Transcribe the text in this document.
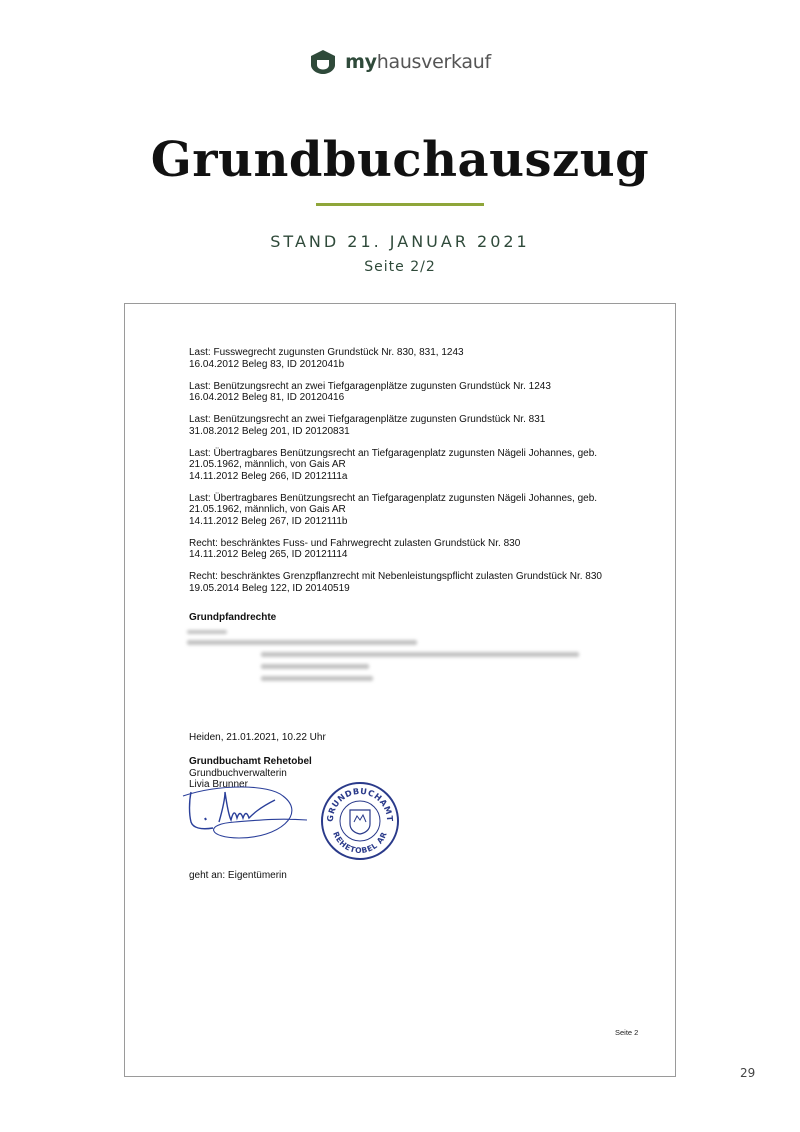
myhausverkauf
Grundbuchauszug
STAND 21. JANUAR 2021
Seite 2/2
Last: Fusswegrecht zugunsten Grundstück Nr. 830, 831, 1243
16.04.2012 Beleg 83, ID 2012041b
Last: Benützungsrecht an zwei Tiefgaragenplätze zugunsten Grundstück Nr. 1243
16.04.2012 Beleg 81, ID 20120416
Last: Benützungsrecht an zwei Tiefgaragenplätze zugunsten Grundstück Nr. 831
31.08.2012 Beleg 201, ID 20120831
Last: Übertragbares Benützungsrecht an Tiefgaragenplatz zugunsten Nägeli Johannes, geb.
21.05.1962, männlich, von Gais AR
14.11.2012 Beleg 266, ID 2012111a
Last: Übertragbares Benützungsrecht an Tiefgaragenplatz zugunsten Nägeli Johannes, geb.
21.05.1962, männlich, von Gais AR
14.11.2012 Beleg 267, ID 2012111b
Recht: beschränktes Fuss- und Fahrwegrecht zulasten Grundstück Nr. 830
14.11.2012 Beleg 265, ID 20121114
Recht: beschränktes Grenzpflanzrecht mit Nebenleistungspflicht zulasten Grundstück Nr. 830
19.05.2014 Beleg 122, ID 20140519
Grundpfandrechte
Heiden, 21.01.2021, 10.22 Uhr
Grundbuchamt Rehetobel
Grundbuchverwalterin
Livia Brunner
GRUNDBUCHAMT
REHETOBEL AR
geht an: Eigentümerin
Seite 2
29
